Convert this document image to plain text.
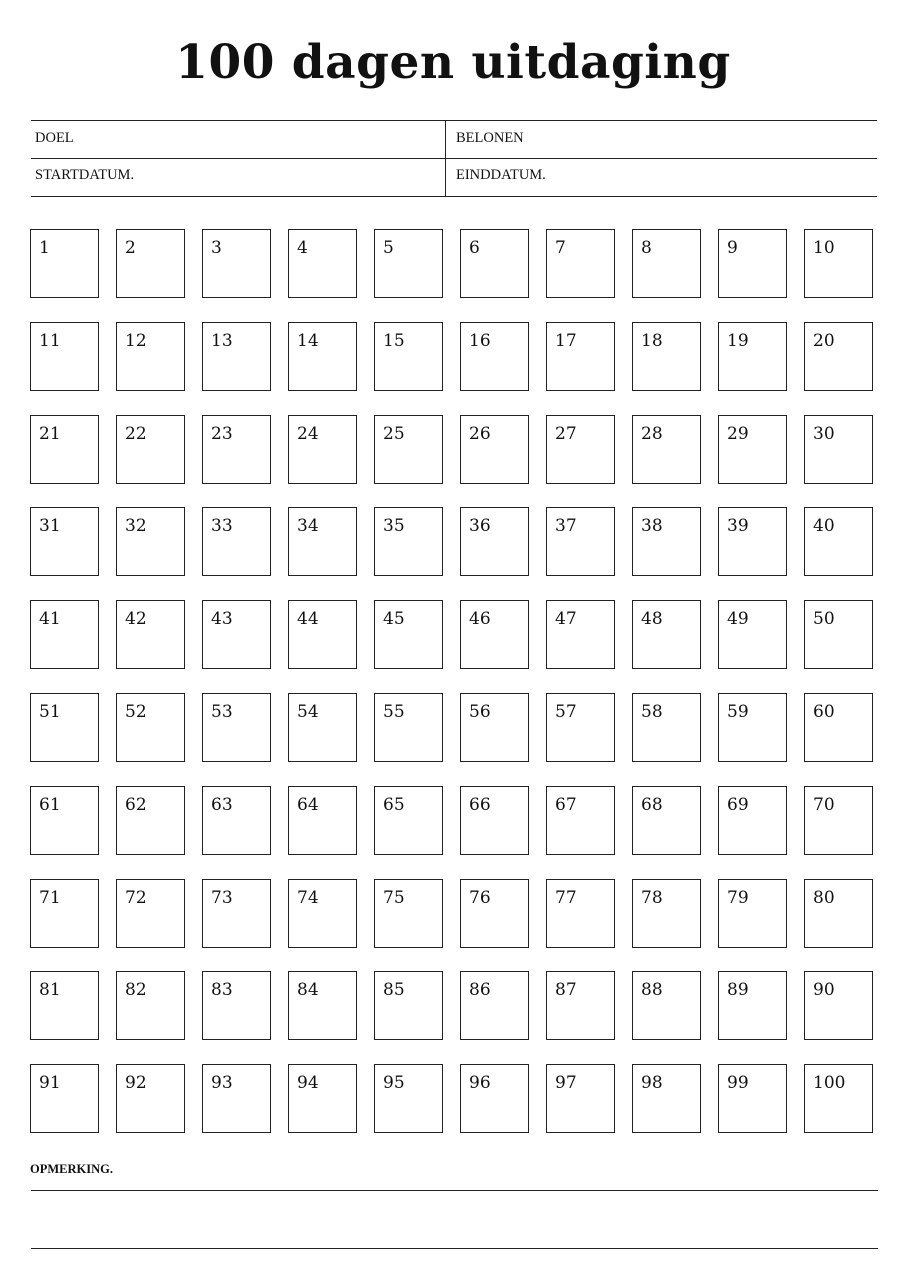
100 dagen uitdaging
DOEL	BELONEN
STARTDATUM.	EINDDATUM.
1	2	3	4	5	6	7	8	9	10
11	12	13	14	15	16	17	18	19	20
21	22	23	24	25	26	27	28	29	30
31	32	33	34	35	36	37	38	39	40
41	42	43	44	45	46	47	48	49	50
51	52	53	54	55	56	57	58	59	60
61	62	63	64	65	66	67	68	69	70
71	72	73	74	75	76	77	78	79	80
81	82	83	84	85	86	87	88	89	90
91	92	93	94	95	96	97	98	99	100
OPMERKING.
